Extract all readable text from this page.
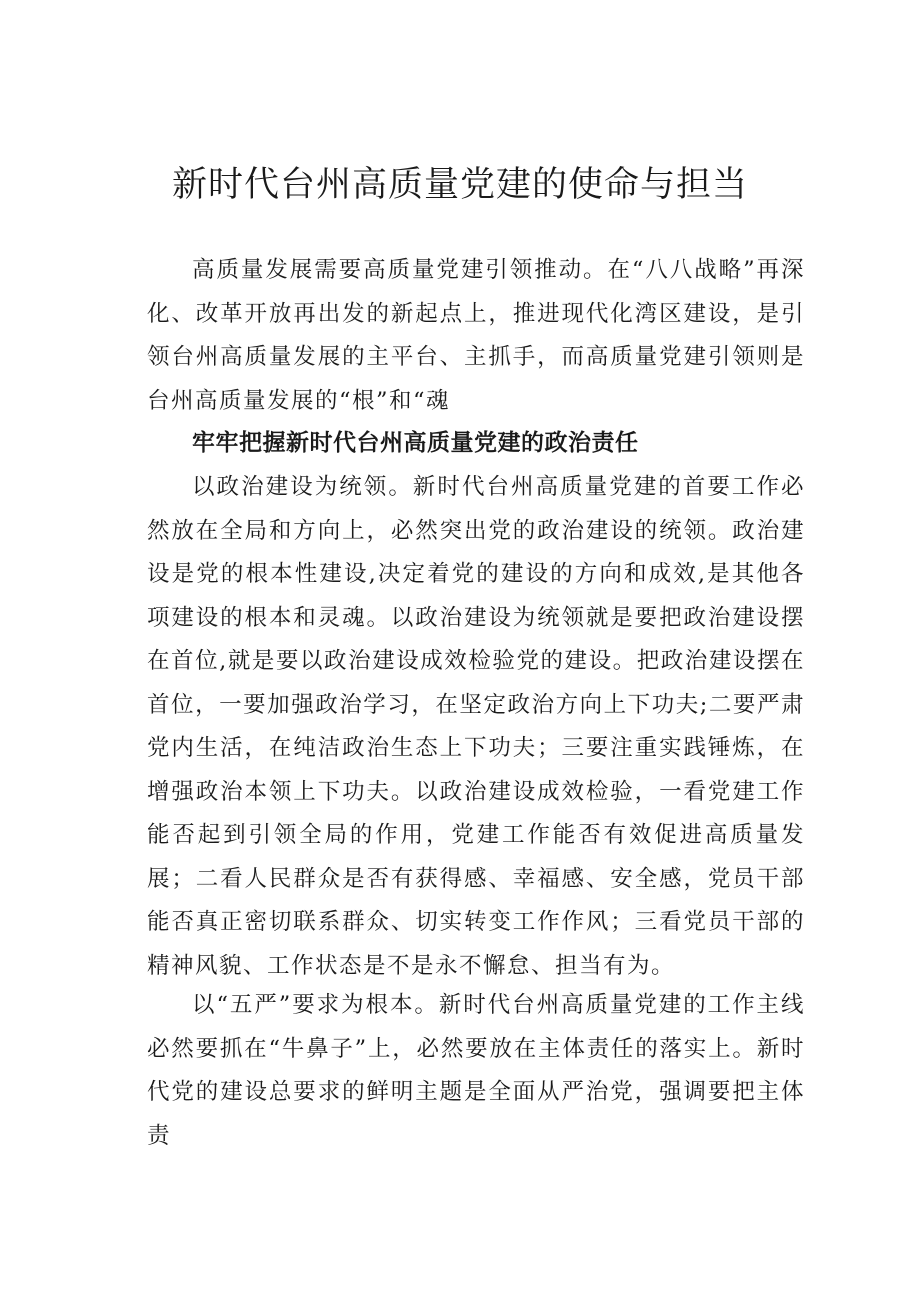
新时代台州高质量党建的使命与担当

高质量发展需要高质量党建引领推动。在“八八战略”再深化、改革开放再出发的新起点上，推进现代化湾区建设，是引领台州高质量发展的主平台、主抓手，而高质量党建引领则是台州高质量发展的“根”和“魂

牢牢把握新时代台州高质量党建的政治责任

以政治建设为统领。新时代台州高质量党建的首要工作必然放在全局和方向上，必然突出党的政治建设的统领。政治建设是党的根本性建设,决定着党的建设的方向和成效,是其他各项建设的根本和灵魂。以政治建设为统领就是要把政治建设摆在首位,就是要以政治建设成效检验党的建设。把政治建设摆在首位，一要加强政治学习，在坚定政治方向上下功夫;二要严肃党内生活，在纯洁政治生态上下功夫；三要注重实践锤炼，在增强政治本领上下功夫。以政治建设成效检验，一看党建工作能否起到引领全局的作用，党建工作能否有效促进高质量发展；二看人民群众是否有获得感、幸福感、安全感，党员干部能否真正密切联系群众、切实转变工作作风；三看党员干部的精神风貌、工作状态是不是永不懈怠、担当有为。

以“五严”要求为根本。新时代台州高质量党建的工作主线必然要抓在“牛鼻子”上，必然要放在主体责任的落实上。新时代党的建设总要求的鲜明主题是全面从严治党，强调要把主体责
